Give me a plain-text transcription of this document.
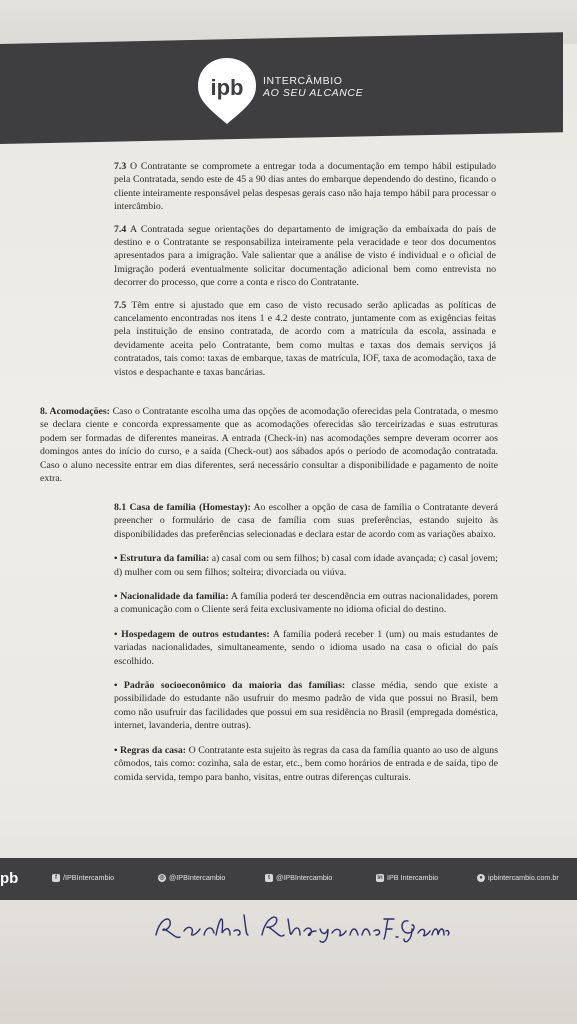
ipb INTERCÂMBIO
AO SEU ALCANCE

7.3 O Contratante se compromete a entregar toda a documentação em tempo hábil estipulado pela Contratada, sendo este de 45 a 90 dias antes do embarque dependendo do destino, ficando o cliente inteiramente responsável pelas despesas gerais caso não haja tempo hábil para processar o intercâmbio.

7.4 A Contratada segue orientações do departamento de imigração da embaixada do país de destino e o Contratante se responsabiliza inteiramente pela veracidade e teor dos documentos apresentados para a imigração. Vale salientar que a análise de visto é individual e o oficial de Imigração poderá eventualmente solicitar documentação adicional bem como entrevista no decorrer do processo, que corre a conta e risco do Contratante.

7.5 Têm entre si ajustado que em caso de visto recusado serão aplicadas as políticas de cancelamento encontradas nos itens 1 e 4.2 deste contrato, juntamente com as exigências feitas pela instituição de ensino contratada, de acordo com a matrícula da escola, assinada e devidamente aceita pelo Contratante, bem como multas e taxas dos demais serviços já contratados, tais como: taxas de embarque, taxas de matrícula, IOF, taxa de acomodação, taxa de vistos e despachante e taxas bancárias.

8. Acomodações: Caso o Contratante escolha uma das opções de acomodação oferecidas pela Contratada, o mesmo se declara ciente e concorda expressamente que as acomodações oferecidas são terceirizadas e suas estruturas podem ser formadas de diferentes maneiras. A entrada (Check-in) nas acomodações sempre deveram ocorrer aos domingos antes do início do curso, e a saída (Check-out) aos sábados após o período de acomodação contratada. Caso o aluno necessite entrar em dias diferentes, será necessário consultar a disponibilidade e pagamento de noite extra.

8.1 Casa de família (Homestay): Ao escolher a opção de casa de família o Contratante deverá preencher o formulário de casa de família com suas preferências, estando sujeito às disponibilidades das preferências selecionadas e declara estar de acordo com as variações abaixo.

• Estrutura da família: a) casal com ou sem filhos; b) casal com idade avançada; c) casal jovem; d) mulher com ou sem filhos; solteira; divorciada ou viúva.

• Nacionalidade da família: A família poderá ter descendência em outras nacionalidades, porem a comunicação com o Cliente será feita exclusivamente no idioma oficial do destino.

• Hospedagem de outros estudantes: A família poderá receber 1 (um) ou mais estudantes de variadas nacionalidades, simultaneamente, sendo o idioma usado na casa o oficial do país escolhido.

• Padrão socioeconômico da maioria das famílias: classe média, sendo que existe a possibilidade do estudante não usufruir do mesmo padrão de vida que possui no Brasil, bem como não usufruir das facilidades que possui em sua residência no Brasil (empregada doméstica, internet, lavanderia, dentre outras).

• Regras da casa: O Contratante esta sujeito às regras da casa da família quanto ao uso de alguns cômodos, tais como: cozinha, sala de estar, etc., bem como horários de entrada e de saída, tipo de comida servida, tempo para banho, visitas, entre outras diferenças culturais.

pb	f /IPBIntercambio	◎ @IPBIntercambio	t @IPBIntercambio	in IPB Intercambio	● ipbintercambio.com.br
